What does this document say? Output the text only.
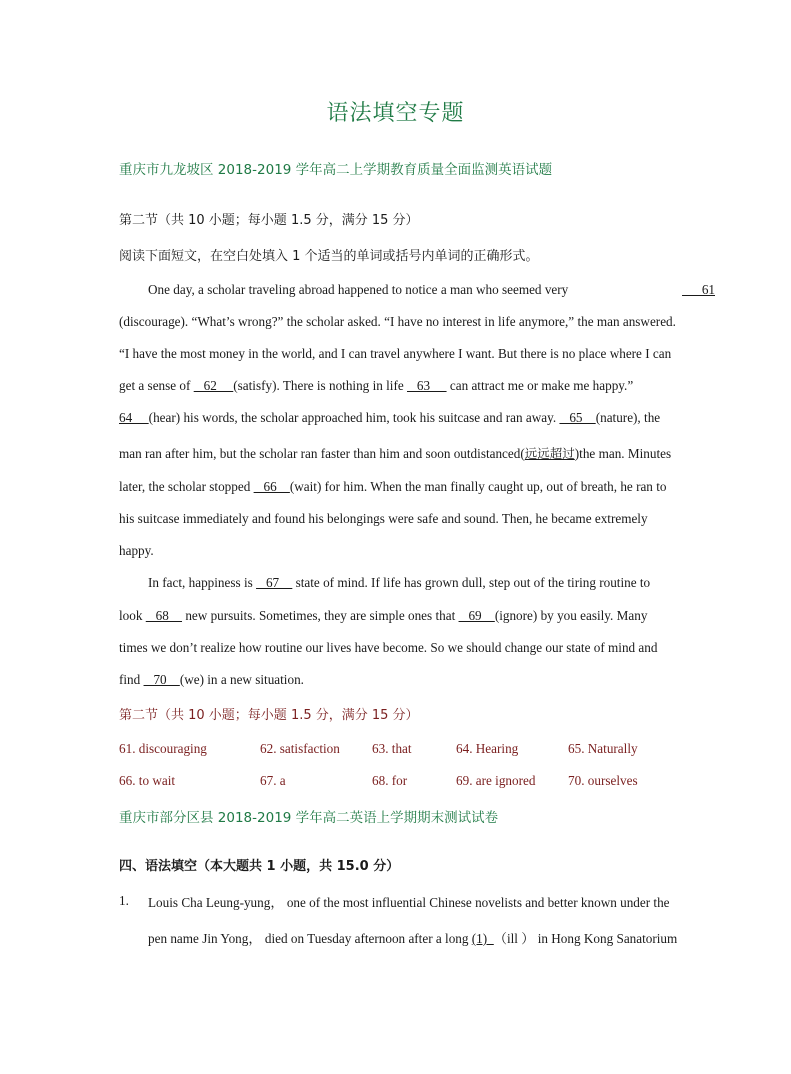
语法填空专题
重庆市九龙坡区 2018-2019 学年高二上学期教育质量全面监测英语试题
第二节（共 10 小题；每小题 1.5 分，满分 15 分）
阅读下面短文，在空白处填入 1 个适当的单词或括号内单词的正确形式。
One day, a scholar traveling abroad happened to notice a man who seemed very	61
(discourage). “What’s wrong?” the scholar asked. “I have no interest in life anymore,” the man answered.
“I have the most money in the world, and I can travel anywhere I want. But there is no place where I can
get a sense of    62     (satisfy). There is nothing in life    63      can attract me or make me happy.”
64     (hear) his words, the scholar approached him, took his suitcase and ran away.    65    (nature), the
man ran after him, but the scholar ran faster than him and soon outdistanced(远远超过)the man. Minutes
later, the scholar stopped    66    (wait) for him. When the man finally caught up, out of breath, he ran to
his suitcase immediately and found his belongings were safe and sound. Then, he became extremely
happy.
In fact, happiness is    67     state of mind. If life has grown dull, step out of the tiring routine to
look    68     new pursuits. Sometimes, they are simple ones that    69    (ignore) by you easily. Many
times we don’t realize how routine our lives have become. So we should change our state of mind and
find    70    (we) in a new situation.
第二节（共 10 小题；每小题 1.5 分，满分 15 分）
61. discouraging	62. satisfaction 63. that	64. Hearing	65. Naturally
66. to wait	67. a	68. for	69. are ignored 70. ourselves
重庆市部分区县 2018-2019 学年高二英语上学期期末测试试卷
四、语法填空（本大题共 1 小题，共 15.0 分）
1. Louis Cha Leung-yung， one of the most influential Chinese novelists and better known under the
pen name Jin Yong， died on Tuesday afternoon after a long (1)  （ill ） in Hong Kong Sanatorium
